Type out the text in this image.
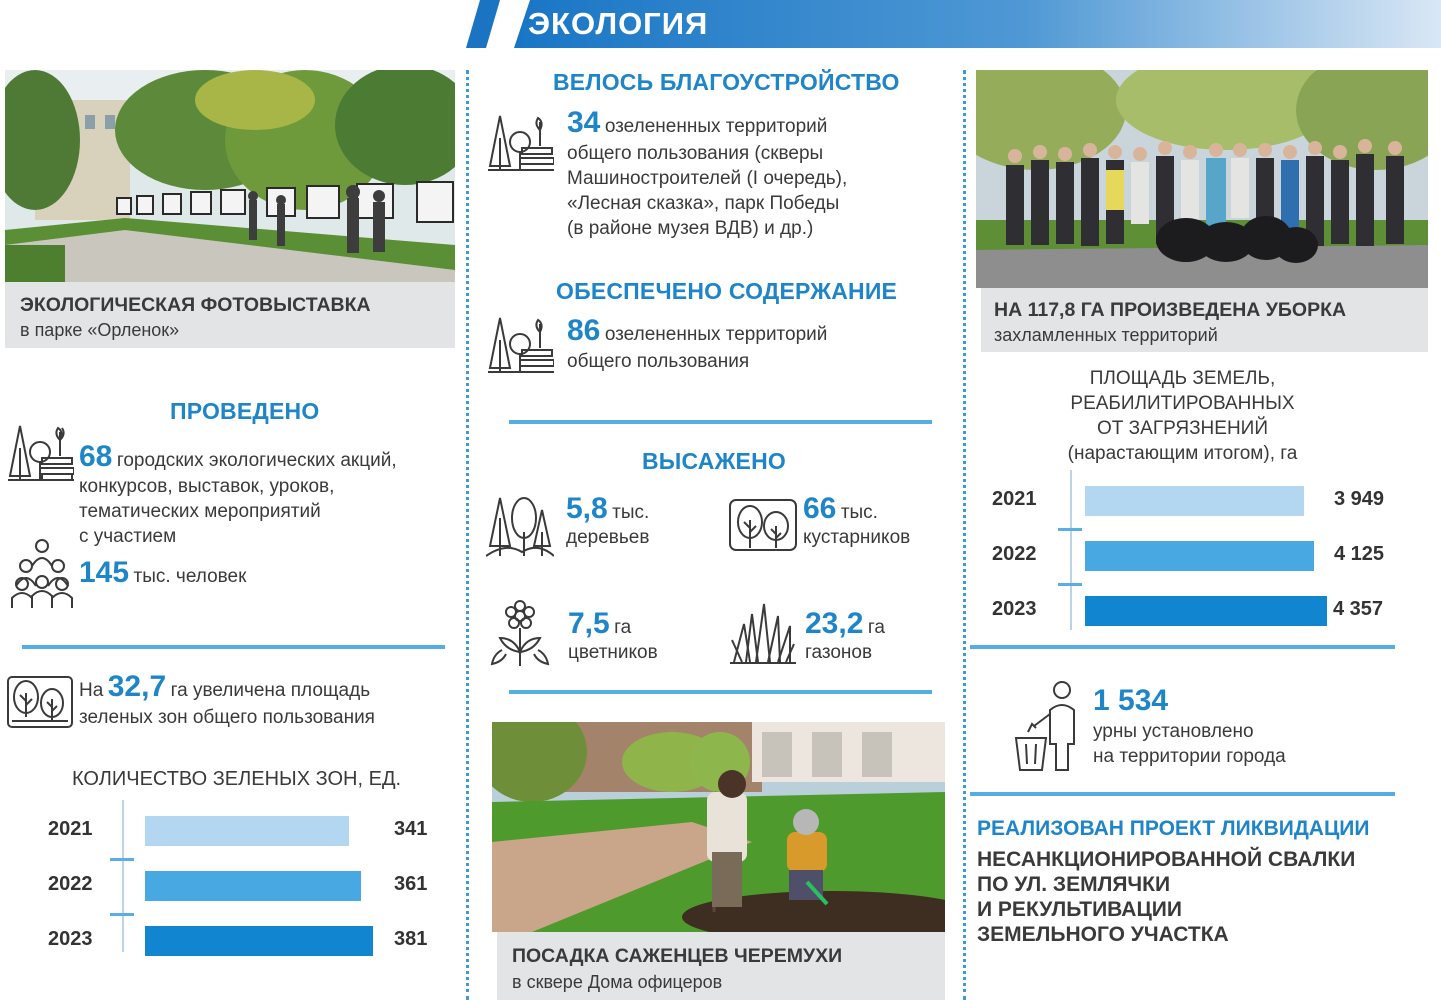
ЭКОЛОГИЯ
ЭКОЛОГИЧЕСКАЯ ФОТОВЫСТАВКА
в парке «Орленок»
ПРОВЕДЕНО
68 городских экологических акций,
конкурсов, выставок, уроков,
тематических мероприятий
с участием
145 тыс. человек
На 32,7 га увеличена площадь
зеленых зон общего пользования
КОЛИЧЕСТВО ЗЕЛЕНЫХ ЗОН, ЕД.
2021	341
2022	361
2023	381
ВЕЛОСЬ БЛАГОУСТРОЙСТВО
34 озелененных территорий
общего пользования (скверы
Машиностроителей (I очередь),
«Лесная сказка», парк Победы
(в районе музея ВДВ) и др.)
ОБЕСПЕЧЕНО СОДЕРЖАНИЕ
86 озелененных территорий
общего пользования
ВЫСАЖЕНО
5,8 тыс.
деревьев
66 тыс.
кустарников
7,5 га
цветников
23,2 га
газонов
ПОСАДКА САЖЕНЦЕВ ЧЕРЕМУХИ
в сквере Дома офицеров
НА 117,8 ГА ПРОИЗВЕДЕНА УБОРКА
захламленных территорий
ПЛОЩАДЬ ЗЕМЕЛЬ,
РЕАБИЛИТИРОВАННЫХ
ОТ ЗАГРЯЗНЕНИЙ
(нарастающим итогом), га
2021	3 949
2022	4 125
2023	4 357
1 534
урны установлено
на территории города
РЕАЛИЗОВАН ПРОЕКТ ЛИКВИДАЦИИ
НЕСАНКЦИОНИРОВАННОЙ СВАЛКИ
ПО УЛ. ЗЕМЛЯЧКИ
И РЕКУЛЬТИВАЦИИ
ЗЕМЕЛЬНОГО УЧАСТКА
